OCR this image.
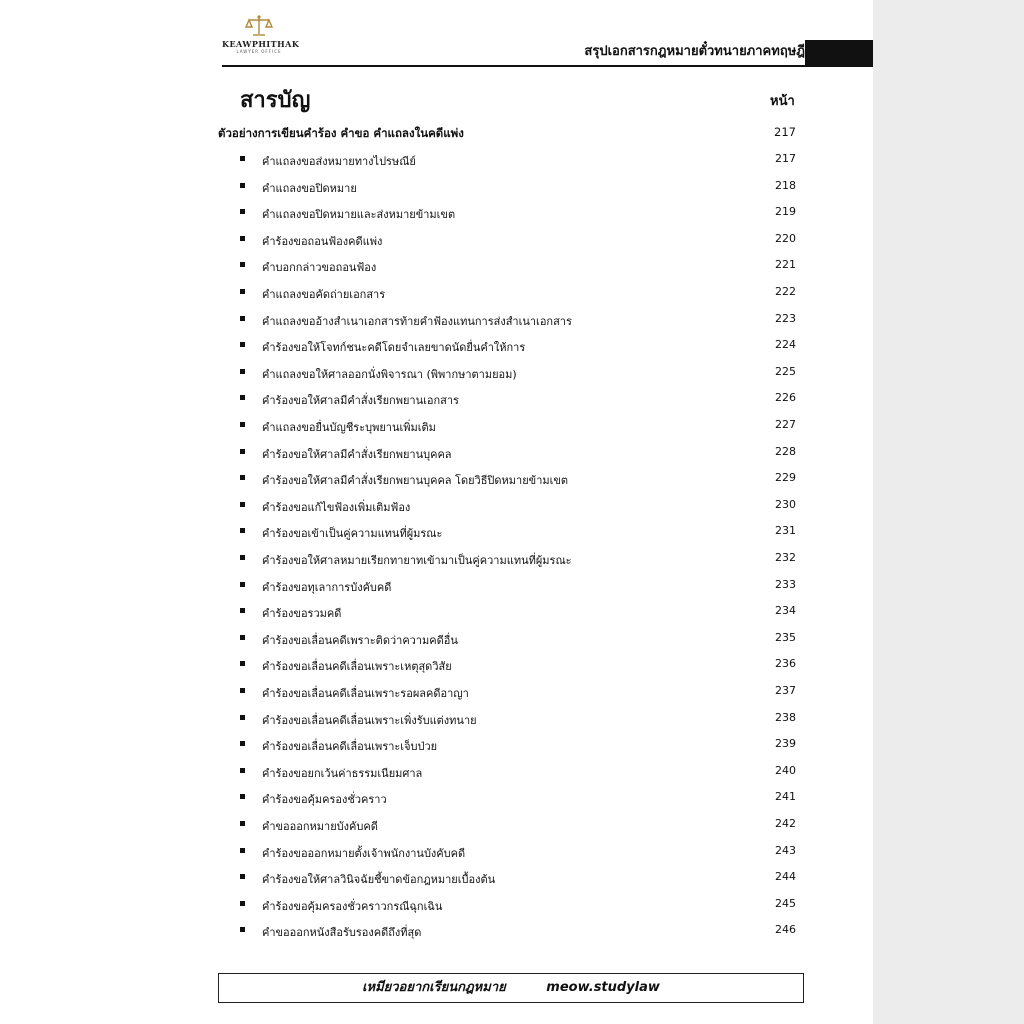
KEAWPHITHAK
LAWYER OFFICE	สรุปเอกสารกฎหมายตั๋วทนายภาคทฤษฎี
สารบัญ	หน้า
ตัวอย่างการเขียนคำร้อง คำขอ คำแถลงในคดีแพ่ง	217
คำแถลงขอส่งหมายทางไปรษณีย์	217
คำแถลงขอปิดหมาย	218
คำแถลงขอปิดหมายและส่งหมายข้ามเขต	219
คำร้องขอถอนฟ้องคดีแพ่ง	220
คำบอกกล่าวขอถอนฟ้อง	221
คำแถลงขอคัดถ่ายเอกสาร	222
คำแถลงขออ้างสำเนาเอกสารท้ายคำฟ้องแทนการส่งสำเนาเอกสาร	223
คำร้องขอให้โจทก์ชนะคดีโดยจำเลยขาดนัดยื่นคำให้การ	224
คำแถลงขอให้ศาลออกนั่งพิจารณา (พิพากษาตามยอม)	225
คำร้องขอให้ศาลมีคำสั่งเรียกพยานเอกสาร	226
คำแถลงขอยื่นบัญชีระบุพยานเพิ่มเติม	227
คำร้องขอให้ศาลมีคำสั่งเรียกพยานบุคคล	228
คำร้องขอให้ศาลมีคำสั่งเรียกพยานบุคคล โดยวิธีปิดหมายข้ามเขต	229
คำร้องขอแก้ไขฟ้องเพิ่มเติมฟ้อง	230
คำร้องขอเข้าเป็นคู่ความแทนที่ผู้มรณะ	231
คำร้องขอให้ศาลหมายเรียกทายาทเข้ามาเป็นคู่ความแทนที่ผู้มรณะ	232
คำร้องขอทุเลาการบังคับคดี	233
คำร้องขอรวมคดี	234
คำร้องขอเลื่อนคดีเพราะติดว่าความคดีอื่น	235
คำร้องขอเลื่อนคดีเลื่อนเพราะเหตุสุดวิสัย	236
คำร้องขอเลื่อนคดีเลื่อนเพราะรอผลคดีอาญา	237
คำร้องขอเลื่อนคดีเลื่อนเพราะเพิ่งรับแต่งทนาย	238
คำร้องขอเลื่อนคดีเลื่อนเพราะเจ็บป่วย	239
คำร้องขอยกเว้นค่าธรรมเนียมศาล	240
คำร้องขอคุ้มครองชั่วคราว	241
คำขอออกหมายบังคับคดี	242
คำร้องขอออกหมายตั้งเจ้าพนักงานบังคับคดี	243
คำร้องขอให้ศาลวินิจฉัยชี้ขาดข้อกฎหมายเบื้องต้น	244
คำร้องขอคุ้มครองชั่วคราวกรณีฉุกเฉิน	245
คำขอออกหนังสือรับรองคดีถึงที่สุด	246
เหมียวอยากเรียนกฎหมาย	meow.studylaw
